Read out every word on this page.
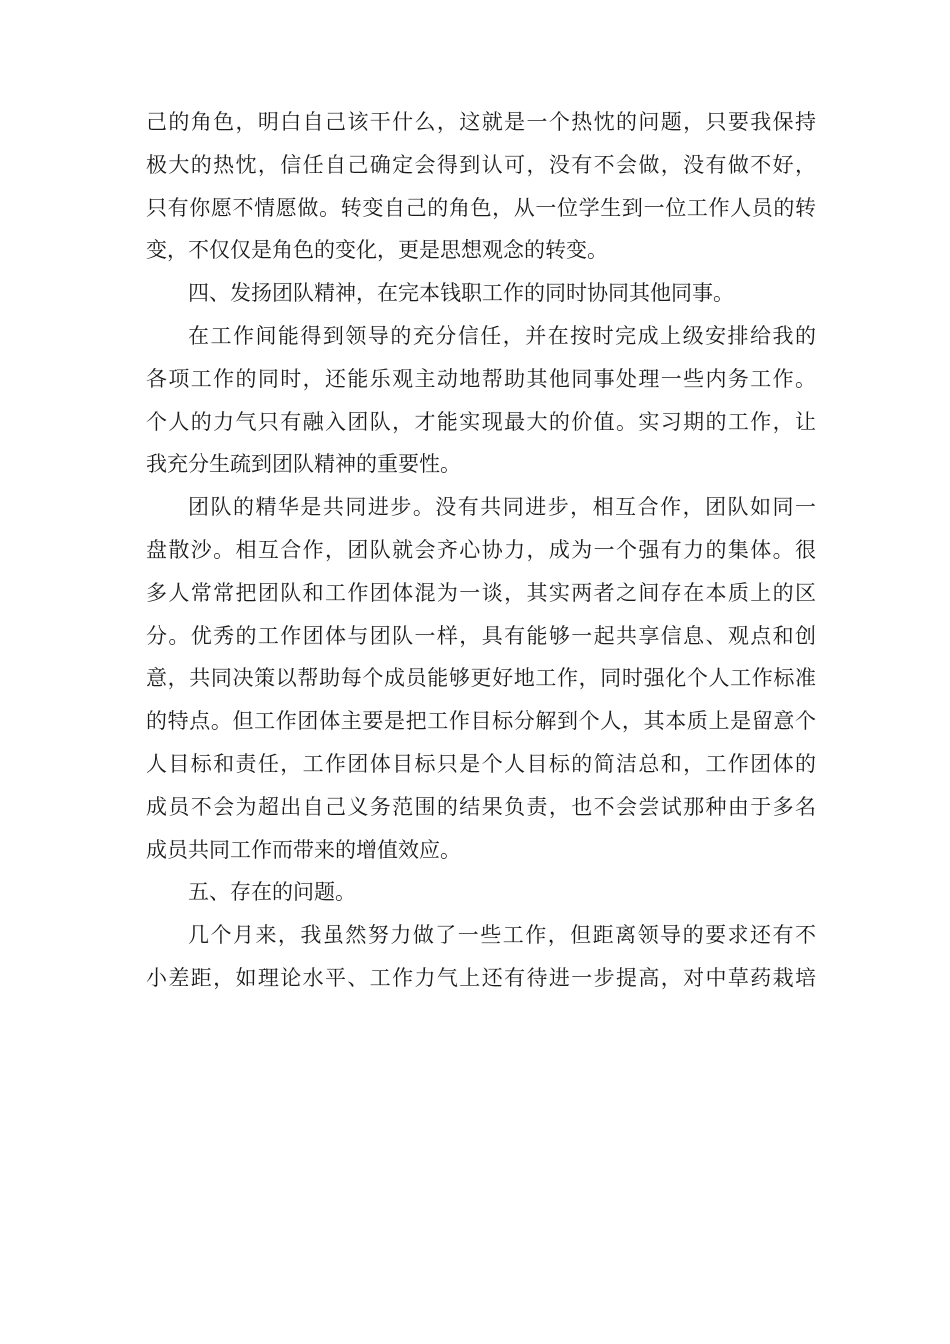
己的角色，明白自己该干什么，这就是一个热忱的问题，只要我保持
极大的热忱，信任自己确定会得到认可，没有不会做，没有做不好，
只有你愿不情愿做。转变自己的角色，从一位学生到一位工作人员的转
变，不仅仅是角色的变化，更是思想观念的转变。
四、发扬团队精神，在完本钱职工作的同时协同其他同事。
在工作间能得到领导的充分信任，并在按时完成上级安排给我的
各项工作的同时，还能乐观主动地帮助其他同事处理一些内务工作。
个人的力气只有融入团队，才能实现最大的价值。实习期的工作，让
我充分生疏到团队精神的重要性。
团队的精华是共同进步。没有共同进步，相互合作，团队如同一
盘散沙。相互合作，团队就会齐心协力，成为一个强有力的集体。很
多人常常把团队和工作团体混为一谈，其实两者之间存在本质上的区
分。优秀的工作团体与团队一样，具有能够一起共享信息、观点和创
意，共同决策以帮助每个成员能够更好地工作，同时强化个人工作标准
的特点。但工作团体主要是把工作目标分解到个人，其本质上是留意个
人目标和责任，工作团体目标只是个人目标的简洁总和，工作团体的
成员不会为超出自己义务范围的结果负责，也不会尝试那种由于多名
成员共同工作而带来的增值效应。
五、存在的问题。
几个月来，我虽然努力做了一些工作，但距离领导的要求还有不
小差距，如理论水平、工作力气上还有待进一步提高，对中草药栽培
